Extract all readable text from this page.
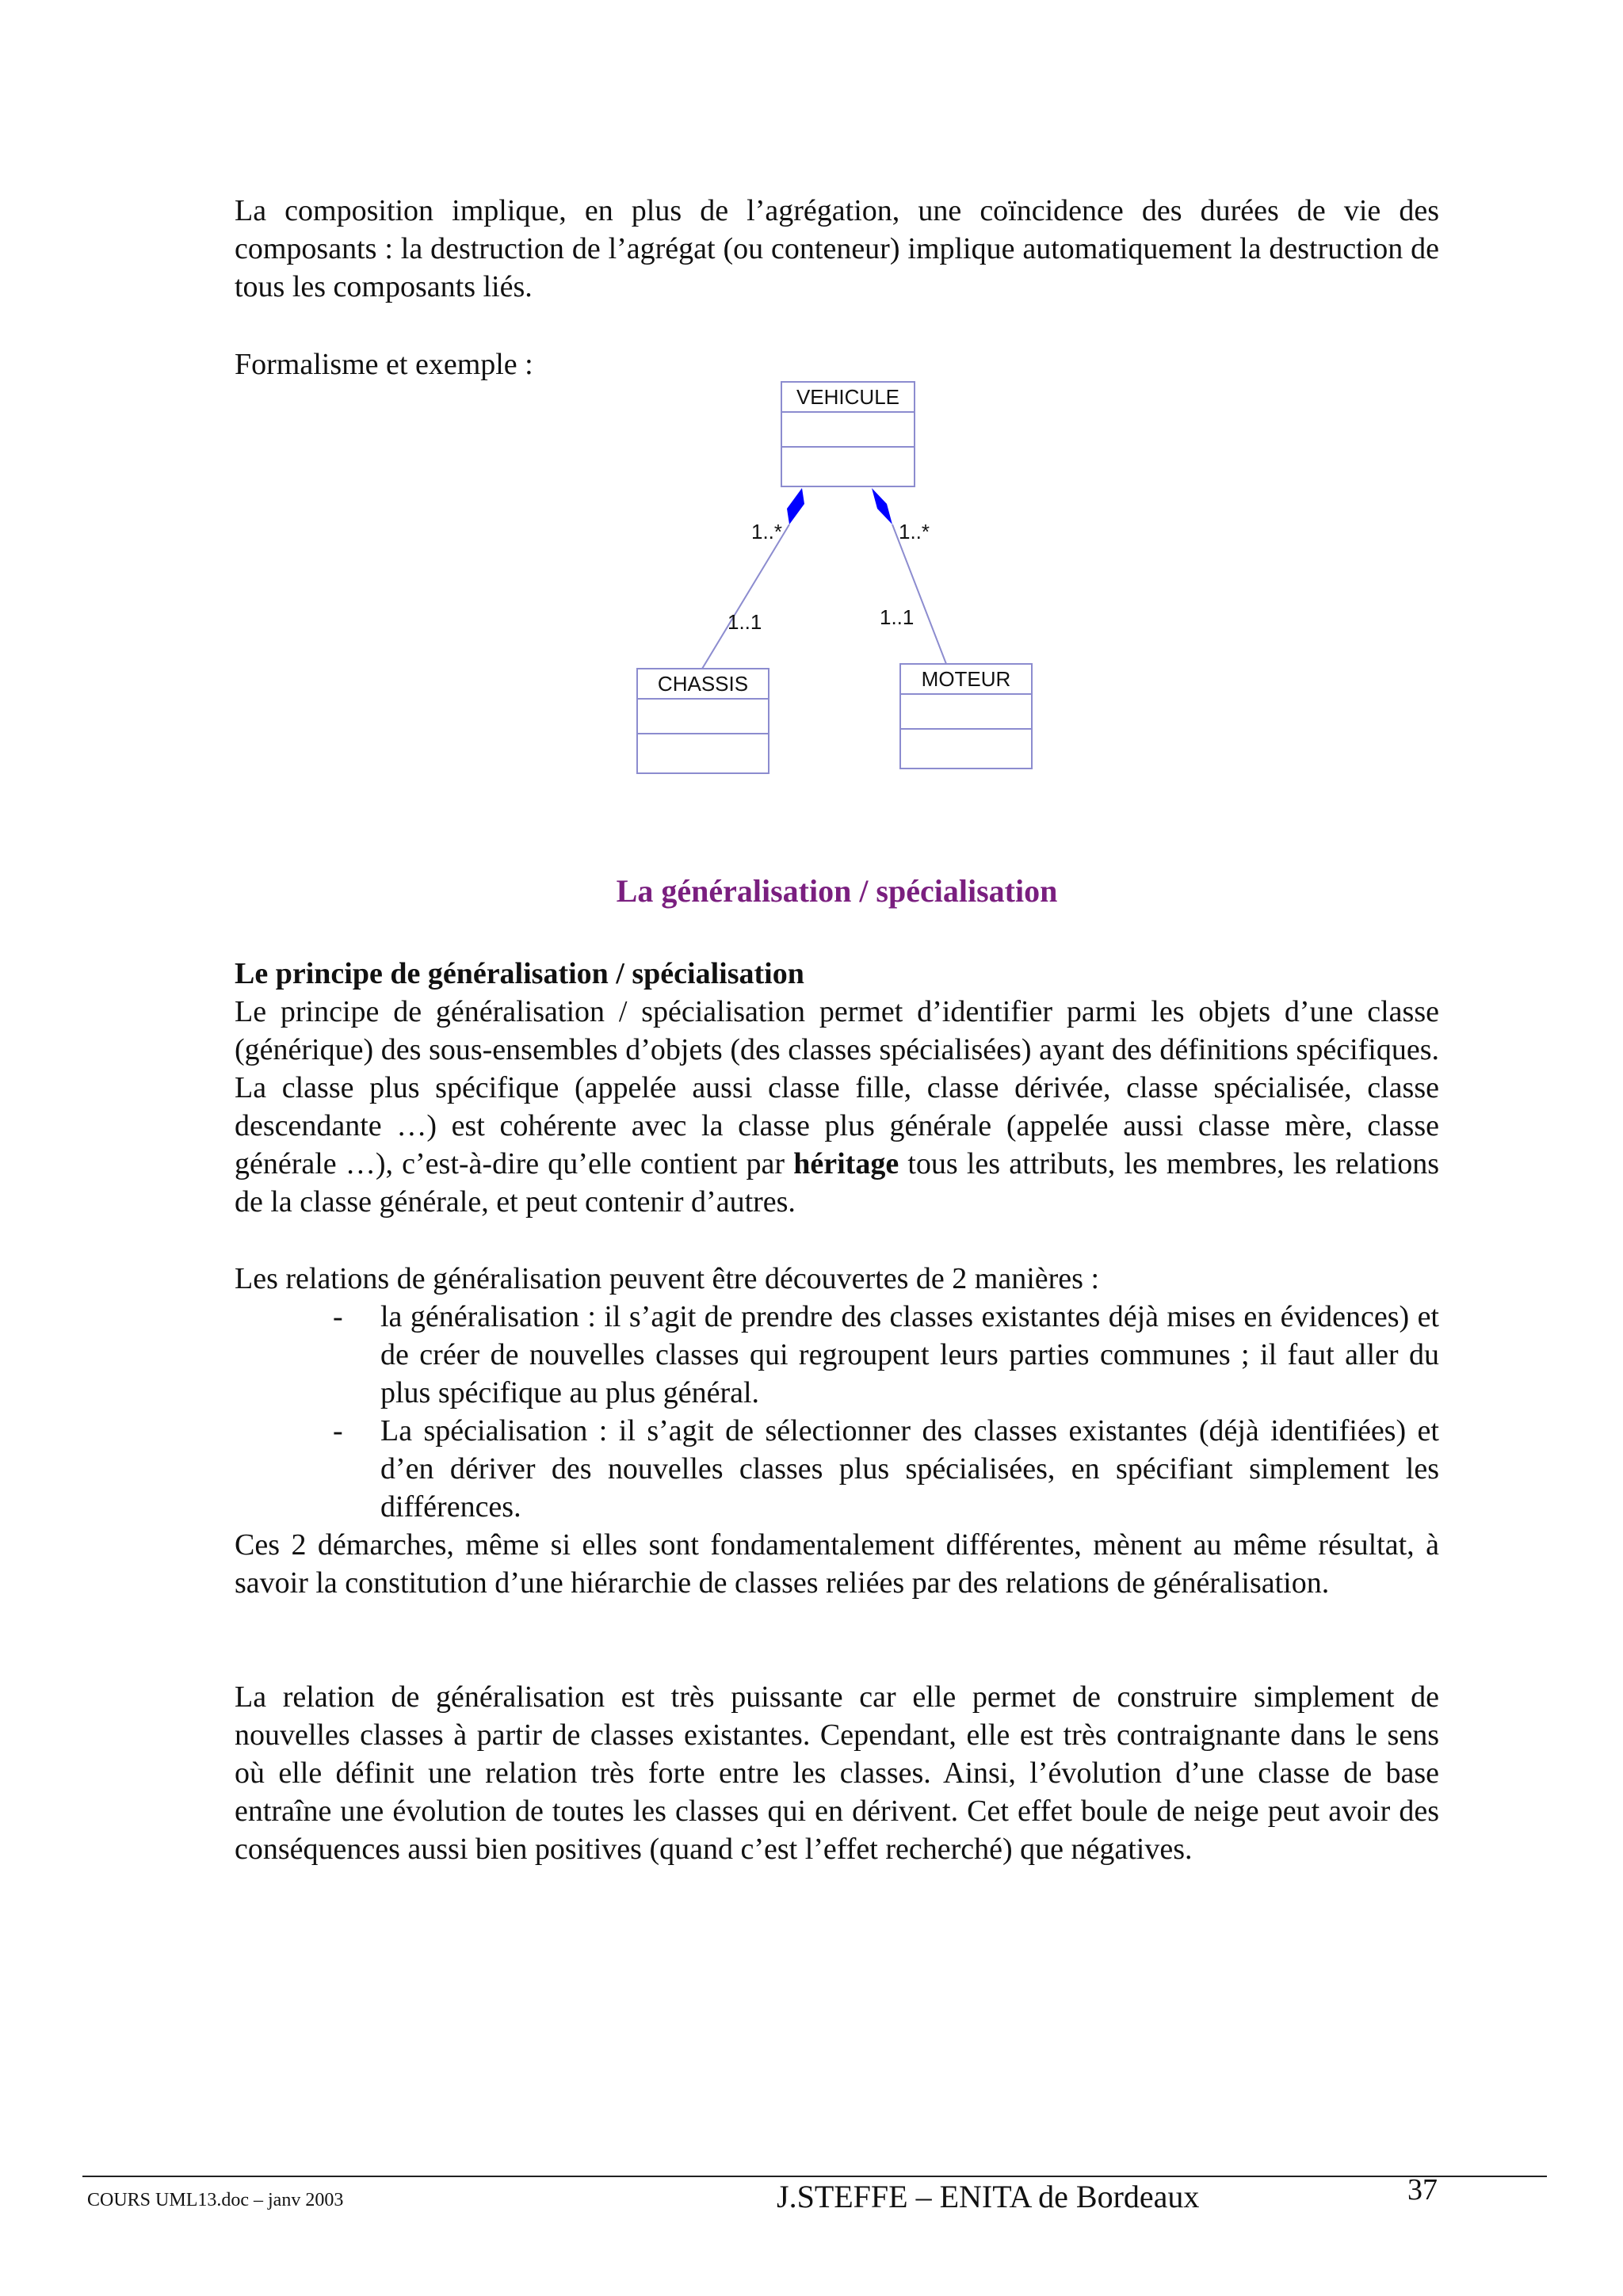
La composition implique, en plus de l’agrégation, une coïncidence des durées de vie des composants : la destruction de l’agrégat (ou conteneur) implique automatiquement la destruction de tous les composants liés.

Formalisme et exemple :

VEHICULE
CHASSIS	MOTEUR
1..*	1..*
1..1	1..1
La généralisation / spécialisation
Le principe de généralisation / spécialisation

Le principe de généralisation / spécialisation permet d’identifier parmi les objets d’une classe (générique) des sous-ensembles d’objets (des classes spécialisées) ayant des définitions spécifiques. La classe plus spécifique (appelée aussi classe fille, classe dérivée, classe spécialisée, classe descendante …) est cohérente avec la classe plus générale (appelée aussi classe mère, classe générale …), c’est-à-dire qu’elle contient par héritage tous les attributs, les membres, les relations de la classe générale, et peut contenir d’autres.

Les relations de généralisation peuvent être découvertes de 2 manières :

- la généralisation : il s’agit de prendre des classes existantes déjà mises en évidences) et de créer de nouvelles classes qui regroupent leurs parties communes ; il faut aller du plus spécifique au plus général.
- La spécialisation : il s’agit de sélectionner des classes existantes (déjà identifiées) et d’en dériver des nouvelles classes plus spécialisées, en spécifiant simplement les différences.

Ces 2 démarches, même si elles sont fondamentalement différentes, mènent au même résultat, à savoir la constitution d’une hiérarchie de classes reliées par des relations de généralisation.

La relation de généralisation est très puissante car elle permet de construire simplement de nouvelles classes à partir de classes existantes. Cependant, elle est très contraignante dans le sens où elle définit une relation très forte entre les classes. Ainsi, l’évolution d’une classe de base entraîne une évolution de toutes les classes qui en dérivent. Cet effet boule de neige peut avoir des conséquences aussi bien positives (quand c’est l’effet recherché) que négatives.

COURS UML13.doc – janv 2003	J.STEFFE – ENITA de Bordeaux	37
